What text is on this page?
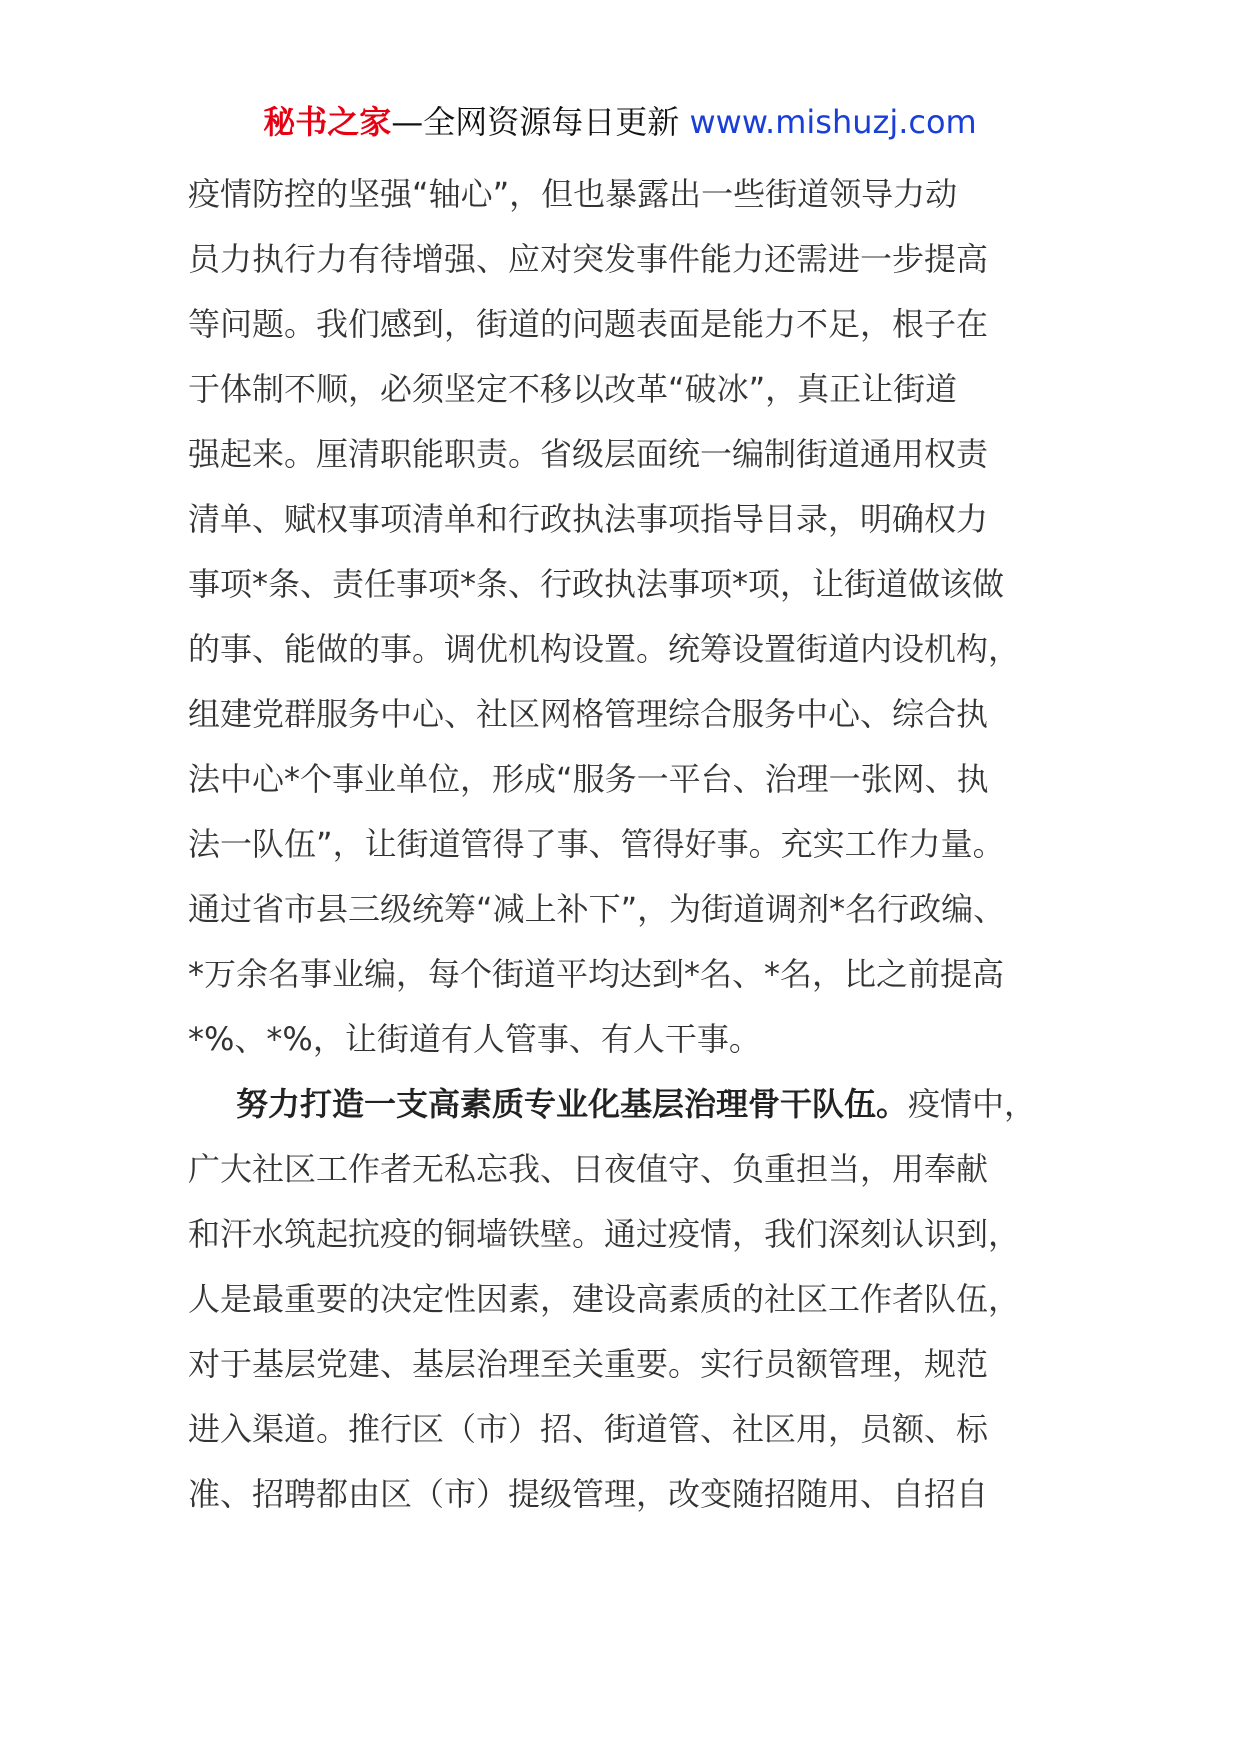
秘书之家—全网资源每日更新 www.mishuzj.com
疫情防控的坚强“轴心”，但也暴露出一些街道领导力动
员力执行力有待增强、应对突发事件能力还需进一步提高
等问题。我们感到，街道的问题表面是能力不足，根子在
于体制不顺，必须坚定不移以改革“破冰”，真正让街道
强起来。厘清职能职责。省级层面统一编制街道通用权责
清单、赋权事项清单和行政执法事项指导目录，明确权力
事项*条、责任事项*条、行政执法事项*项，让街道做该做
的事、能做的事。调优机构设置。统筹设置街道内设机构，
组建党群服务中心、社区网格管理综合服务中心、综合执
法中心*个事业单位，形成“服务一平台、治理一张网、执
法一队伍”，让街道管得了事、管得好事。充实工作力量。
通过省市县三级统筹“减上补下”，为街道调剂*名行政编、
*万余名事业编，每个街道平均达到*名、*名，比之前提高
*%、*%，让街道有人管事、有人干事。
努力打造一支高素质专业化基层治理骨干队伍。疫情中，
广大社区工作者无私忘我、日夜值守、负重担当，用奉献
和汗水筑起抗疫的铜墙铁壁。通过疫情，我们深刻认识到，
人是最重要的决定性因素，建设高素质的社区工作者队伍，
对于基层党建、基层治理至关重要。实行员额管理，规范
进入渠道。推行区（市）招、街道管、社区用，员额、标
准、招聘都由区（市）提级管理，改变随招随用、自招自
